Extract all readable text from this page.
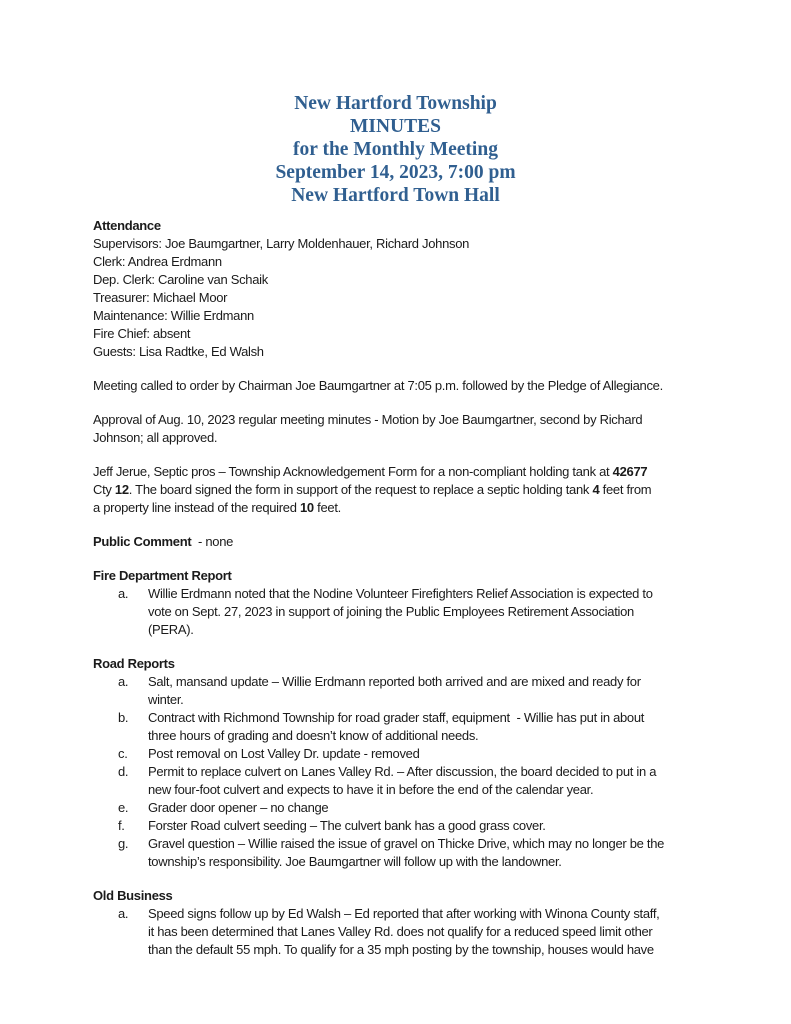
New Hartford Township
MINUTES
for the Monthly Meeting
September 14, 2023, 7:00 pm
New Hartford Town Hall
Attendance
Supervisors: Joe Baumgartner, Larry Moldenhauer, Richard Johnson
Clerk: Andrea Erdmann
Dep. Clerk: Caroline van Schaik
Treasurer: Michael Moor
Maintenance: Willie Erdmann
Fire Chief: absent
Guests: Lisa Radtke, Ed Walsh
Meeting called to order by Chairman Joe Baumgartner at 7:05 p.m. followed by the Pledge of Allegiance.
Approval of Aug. 10, 2023 regular meeting minutes - Motion by Joe Baumgartner, second by Richard
Johnson; all approved.
Jeff Jerue, Septic pros – Township Acknowledgement Form for a non-compliant holding tank at 42677
Cty 12. The board signed the form in support of the request to replace a septic holding tank 4 feet from
a property line instead of the required 10 feet.
Public Comment  - none
Fire Department Report
a.	Willie Erdmann noted that the Nodine Volunteer Firefighters Relief Association is expected to
vote on Sept. 27, 2023 in support of joining the Public Employees Retirement Association
(PERA).
Road Reports
a.	Salt, mansand update – Willie Erdmann reported both arrived and are mixed and ready for
winter.
b.	Contract with Richmond Township for road grader staff, equipment  - Willie has put in about
three hours of grading and doesn’t know of additional needs.
c.	Post removal on Lost Valley Dr. update - removed
d.	Permit to replace culvert on Lanes Valley Rd. – After discussion, the board decided to put in a
new four-foot culvert and expects to have it in before the end of the calendar year.
e.	Grader door opener – no change
f.	Forster Road culvert seeding – The culvert bank has a good grass cover.
g.	Gravel question – Willie raised the issue of gravel on Thicke Drive, which may no longer be the
township’s responsibility. Joe Baumgartner will follow up with the landowner.
Old Business
a.	Speed signs follow up by Ed Walsh – Ed reported that after working with Winona County staff,
it has been determined that Lanes Valley Rd. does not qualify for a reduced speed limit other
than the default 55 mph. To qualify for a 35 mph posting by the township, houses would have
